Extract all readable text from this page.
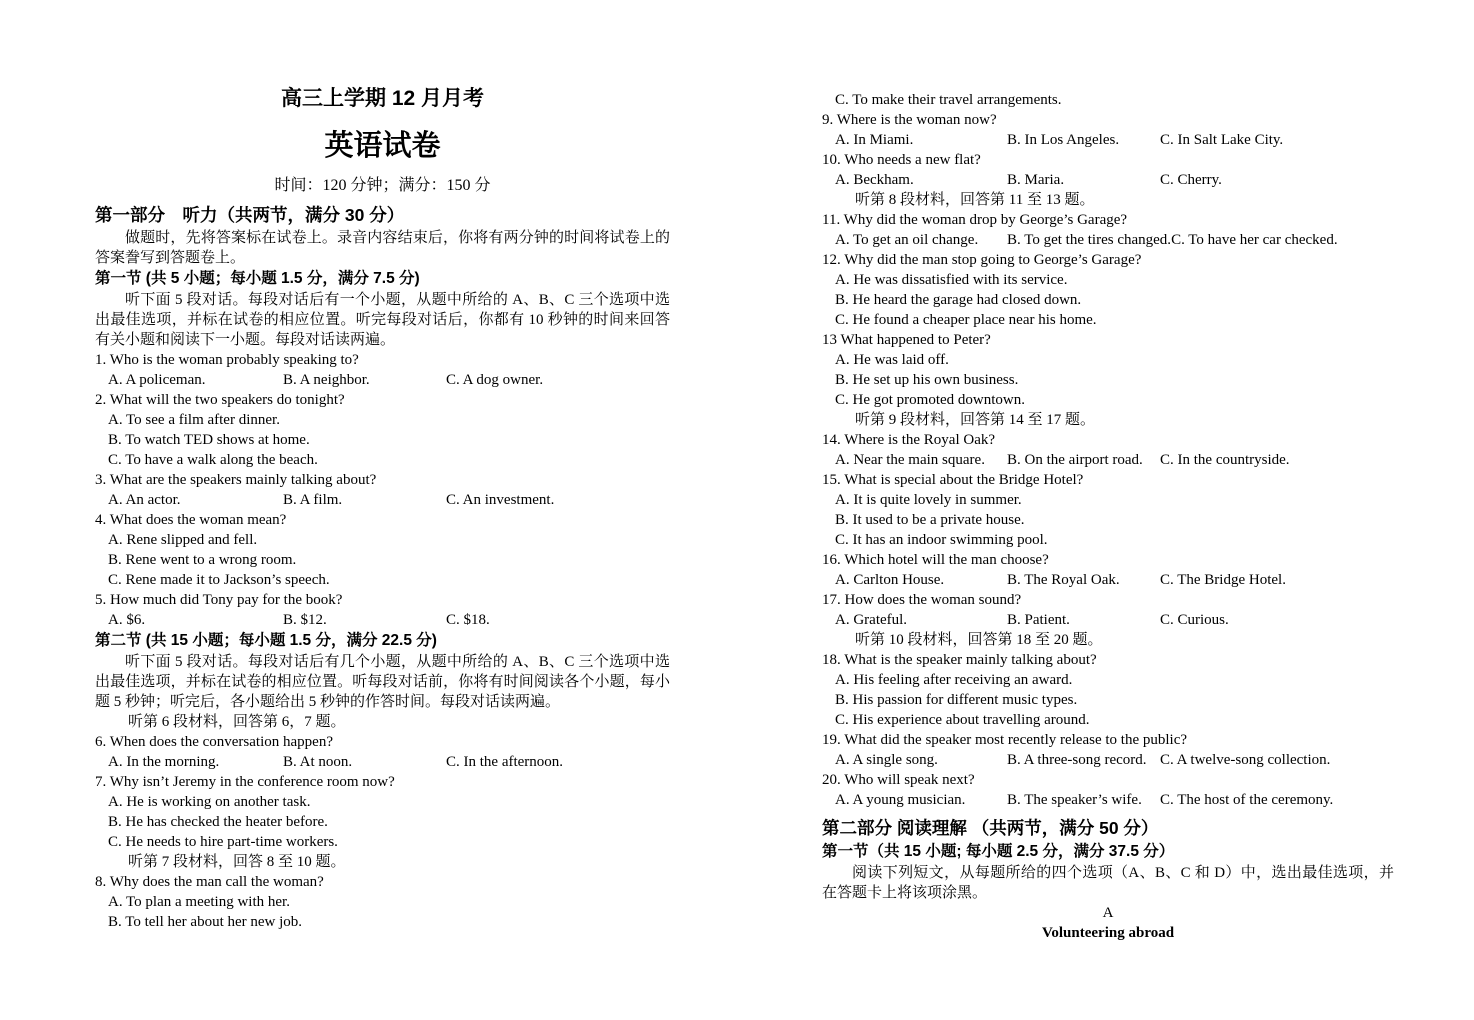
高三上学期 12 月月考
英语试卷
时间：120 分钟；满分：150 分
第一部分　听力（共两节，满分 30 分）
做题时，先将答案标在试卷上。录音内容结束后，你将有两分钟的时间将试卷上的答案誊写到答题卷上。
第一节 (共 5 小题；每小题 1.5 分，满分 7.5 分)
听下面 5 段对话。每段对话后有一个小题，从题中所给的 A、B、C 三个选项中选出最佳选项，并标在试卷的相应位置。听完每段对话后，你都有 10 秒钟的时间来回答有关小题和阅读下一小题。每段对话读两遍。
1. Who is the woman probably speaking to?
A. A policeman.	B. A neighbor.	C. A dog owner.
2. What will the two speakers do tonight?
A. To see a film after dinner.
B. To watch TED shows at home.
C. To have a walk along the beach.
3. What are the speakers mainly talking about?
A. An actor.	B. A film.	C. An investment.
4. What does the woman mean?
A. Rene slipped and fell.
B. Rene went to a wrong room.
C. Rene made it to Jackson’s speech.
5. How much did Tony pay for the book?
A. $6.	B. $12.	C. $18.
第二节 (共 15 小题；每小题 1.5 分，满分 22.5 分)
听下面 5 段对话。每段对话后有几个小题，从题中所给的 A、B、C 三个选项中选出最佳选项，并标在试卷的相应位置。听每段对话前，你将有时间阅读各个小题，每小题 5 秒钟；听完后，各小题给出 5 秒钟的作答时间。每段对话读两遍。
听第 6 段材料，回答第 6，7 题。
6. When does the conversation happen?
A. In the morning.	B. At noon.	C. In the afternoon.
7. Why isn’t Jeremy in the conference room now?
A. He is working on another task.
B. He has checked the heater before.
C. He needs to hire part-time workers.
听第 7 段材料，回答 8 至 10 题。
8. Why does the man call the woman?
A. To plan a meeting with her.
B. To tell her about her new job.
C. To make their travel arrangements.
9. Where is the woman now?
A. In Miami.	B. In Los Angeles.	C. In Salt Lake City.
10. Who needs a new flat?
A. Beckham.	B. Maria.	C. Cherry.
听第 8 段材料，回答第 11 至 13 题。
11. Why did the woman drop by George’s Garage?
A. To get an oil change.	B. To get the tires changed. C. To have her car checked.
12. Why did the man stop going to George’s Garage?
A. He was dissatisfied with its service.
B. He heard the garage had closed down.
C. He found a cheaper place near his home.
13 What happened to Peter?
A. He was laid off.
B. He set up his own business.
C. He got promoted downtown.
听第 9 段材料，回答第 14 至 17 题。
14. Where is the Royal Oak?
A. Near the main square.	B. On the airport road.	C. In the countryside.
15. What is special about the Bridge Hotel?
A. It is quite lovely in summer.
B. It used to be a private house.
C. It has an indoor swimming pool.
16. Which hotel will the man choose?
A. Carlton House.	B. The Royal Oak.	C. The Bridge Hotel.
17. How does the woman sound?
A. Grateful.	B. Patient.	C. Curious.
听第 10 段材料，回答第 18 至 20 题。
18. What is the speaker mainly talking about?
A. His feeling after receiving an award.
B. His passion for different music types.
C. His experience about travelling around.
19. What did the speaker most recently release to the public?
A. A single song.	B. A three-song record. C. A twelve-song collection.
20. Who will speak next?
A. A young musician.	B. The speaker’s wife.	C. The host of the ceremony.
第二部分 阅读理解 （共两节，满分 50 分）
第一节（共 15 小题; 每小题 2.5 分，满分 37.5 分）
阅读下列短文，从每题所给的四个选项（A、B、C 和 D）中，选出最佳选项，并在答题卡上将该项涂黑。
A
Volunteering abroad
